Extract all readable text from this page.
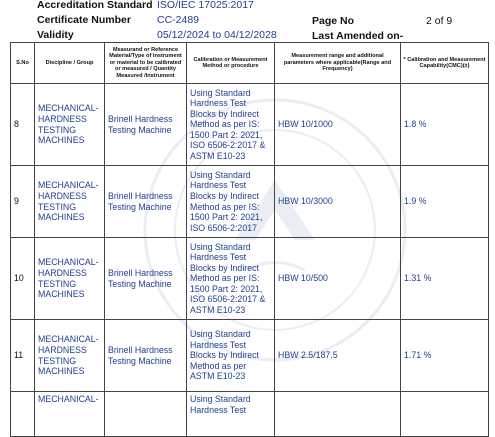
Accreditation Standard ISO/IEC 17025:2017
Certificate Number CC-2489	Page No	2 of 9
Validity	05/12/2024 to 04/12/2028	Last Amended on-
S.No	Discipline / Group	Measurand or Reference Material/Type of instrument or material to be calibrated or measured / Quantity Measured /Instrument	Calibration or Measurement Method or procedure	Measurement range and additional parameters where applicable(Range and Frequency)	* Calibration and Measurement Capability(CMC)(±)
8	MECHANICAL- HARDNESS TESTING MACHINES	Brinell Hardness Testing Machine	Using Standard Hardness Test Blocks by Indirect Method as per IS: 1500 Part 2: 2021, ISO 6506-2:2017 & ASTM E10-23	HBW 10/1000	1.8 %
9	MECHANICAL- HARDNESS TESTING MACHINES	Brinell Hardness Testing Machine	Using Standard Hardness Test Blocks by Indirect Method as per IS: 1500 Part 2: 2021, ISO 6506-2:2017	HBW 10/3000	1.9 %
10	MECHANICAL- HARDNESS TESTING MACHINES	Brinell Hardness Testing Machine	Using Standard Hardness Test Blocks by Indirect Method as per IS: 1500 Part 2: 2021, ISO 6506-2:2017 & ASTM E10-23	HBW 10/500	1.31 %
11	MECHANICAL- HARDNESS TESTING MACHINES	Brinell Hardness Testing Machine	Using Standard Hardness Test Blocks by Indirect Method as per ASTM E10-23	HBW 2.5/187.5	1.71 %
	MECHANICAL-		Using Standard Hardness Test		
